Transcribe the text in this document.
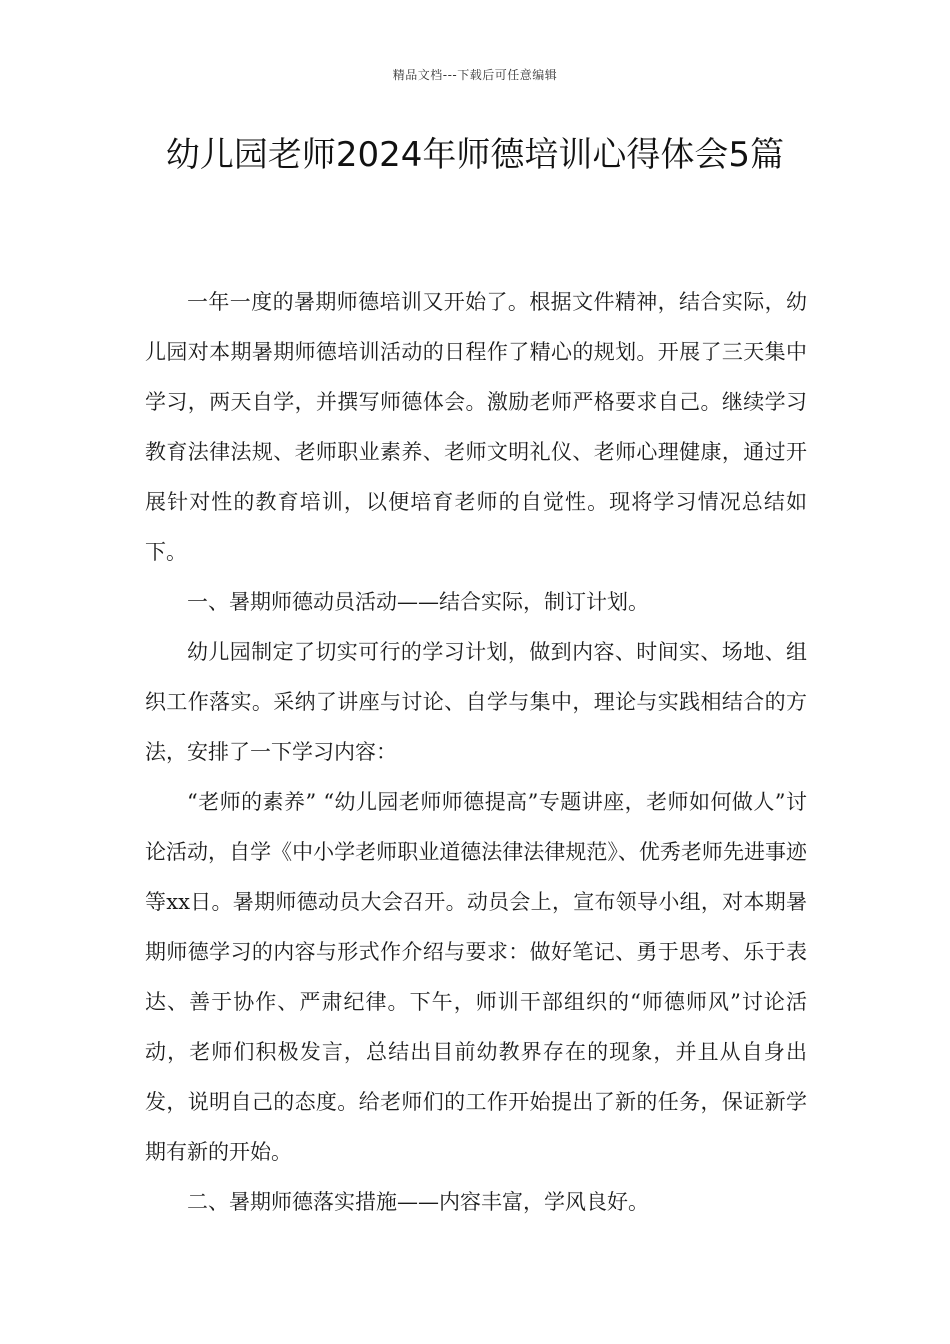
精品文档---下载后可任意编辑
幼儿园老师2024年师德培训心得体会5篇

一年一度的暑期师德培训又开始了。根据文件精神，结合实际，幼儿园对本期暑期师德培训活动的日程作了精心的规划。开展了三天集中学习，两天自学，并撰写师德体会。激励老师严格要求自己。继续学习教育法律法规、老师职业素养、老师文明礼仪、老师心理健康，通过开展针对性的教育培训，以便培育老师的自觉性。现将学习情况总结如下。

一、暑期师德动员活动——结合实际，制订计划。

幼儿园制定了切实可行的学习计划，做到内容、时间实、场地、组织工作落实。采纳了讲座与讨论、自学与集中，理论与实践相结合的方法，安排了一下学习内容：

“老师的素养” “幼儿园老师师德提高”专题讲座，老师如何做人”讨论活动，自学《中小学老师职业道德法律法律规范》、优秀老师先进事迹等xx日。暑期师德动员大会召开。动员会上，宣布领导小组，对本期暑期师德学习的内容与形式作介绍与要求：做好笔记、勇于思考、乐于表达、善于协作、严肃纪律。下午，师训干部组织的“师德师风”讨论活动，老师们积极发言，总结出目前幼教界存在的现象，并且从自身出发，说明自己的态度。给老师们的工作开始提出了新的任务，保证新学期有新的开始。

二、暑期师德落实措施——内容丰富，学风良好。
